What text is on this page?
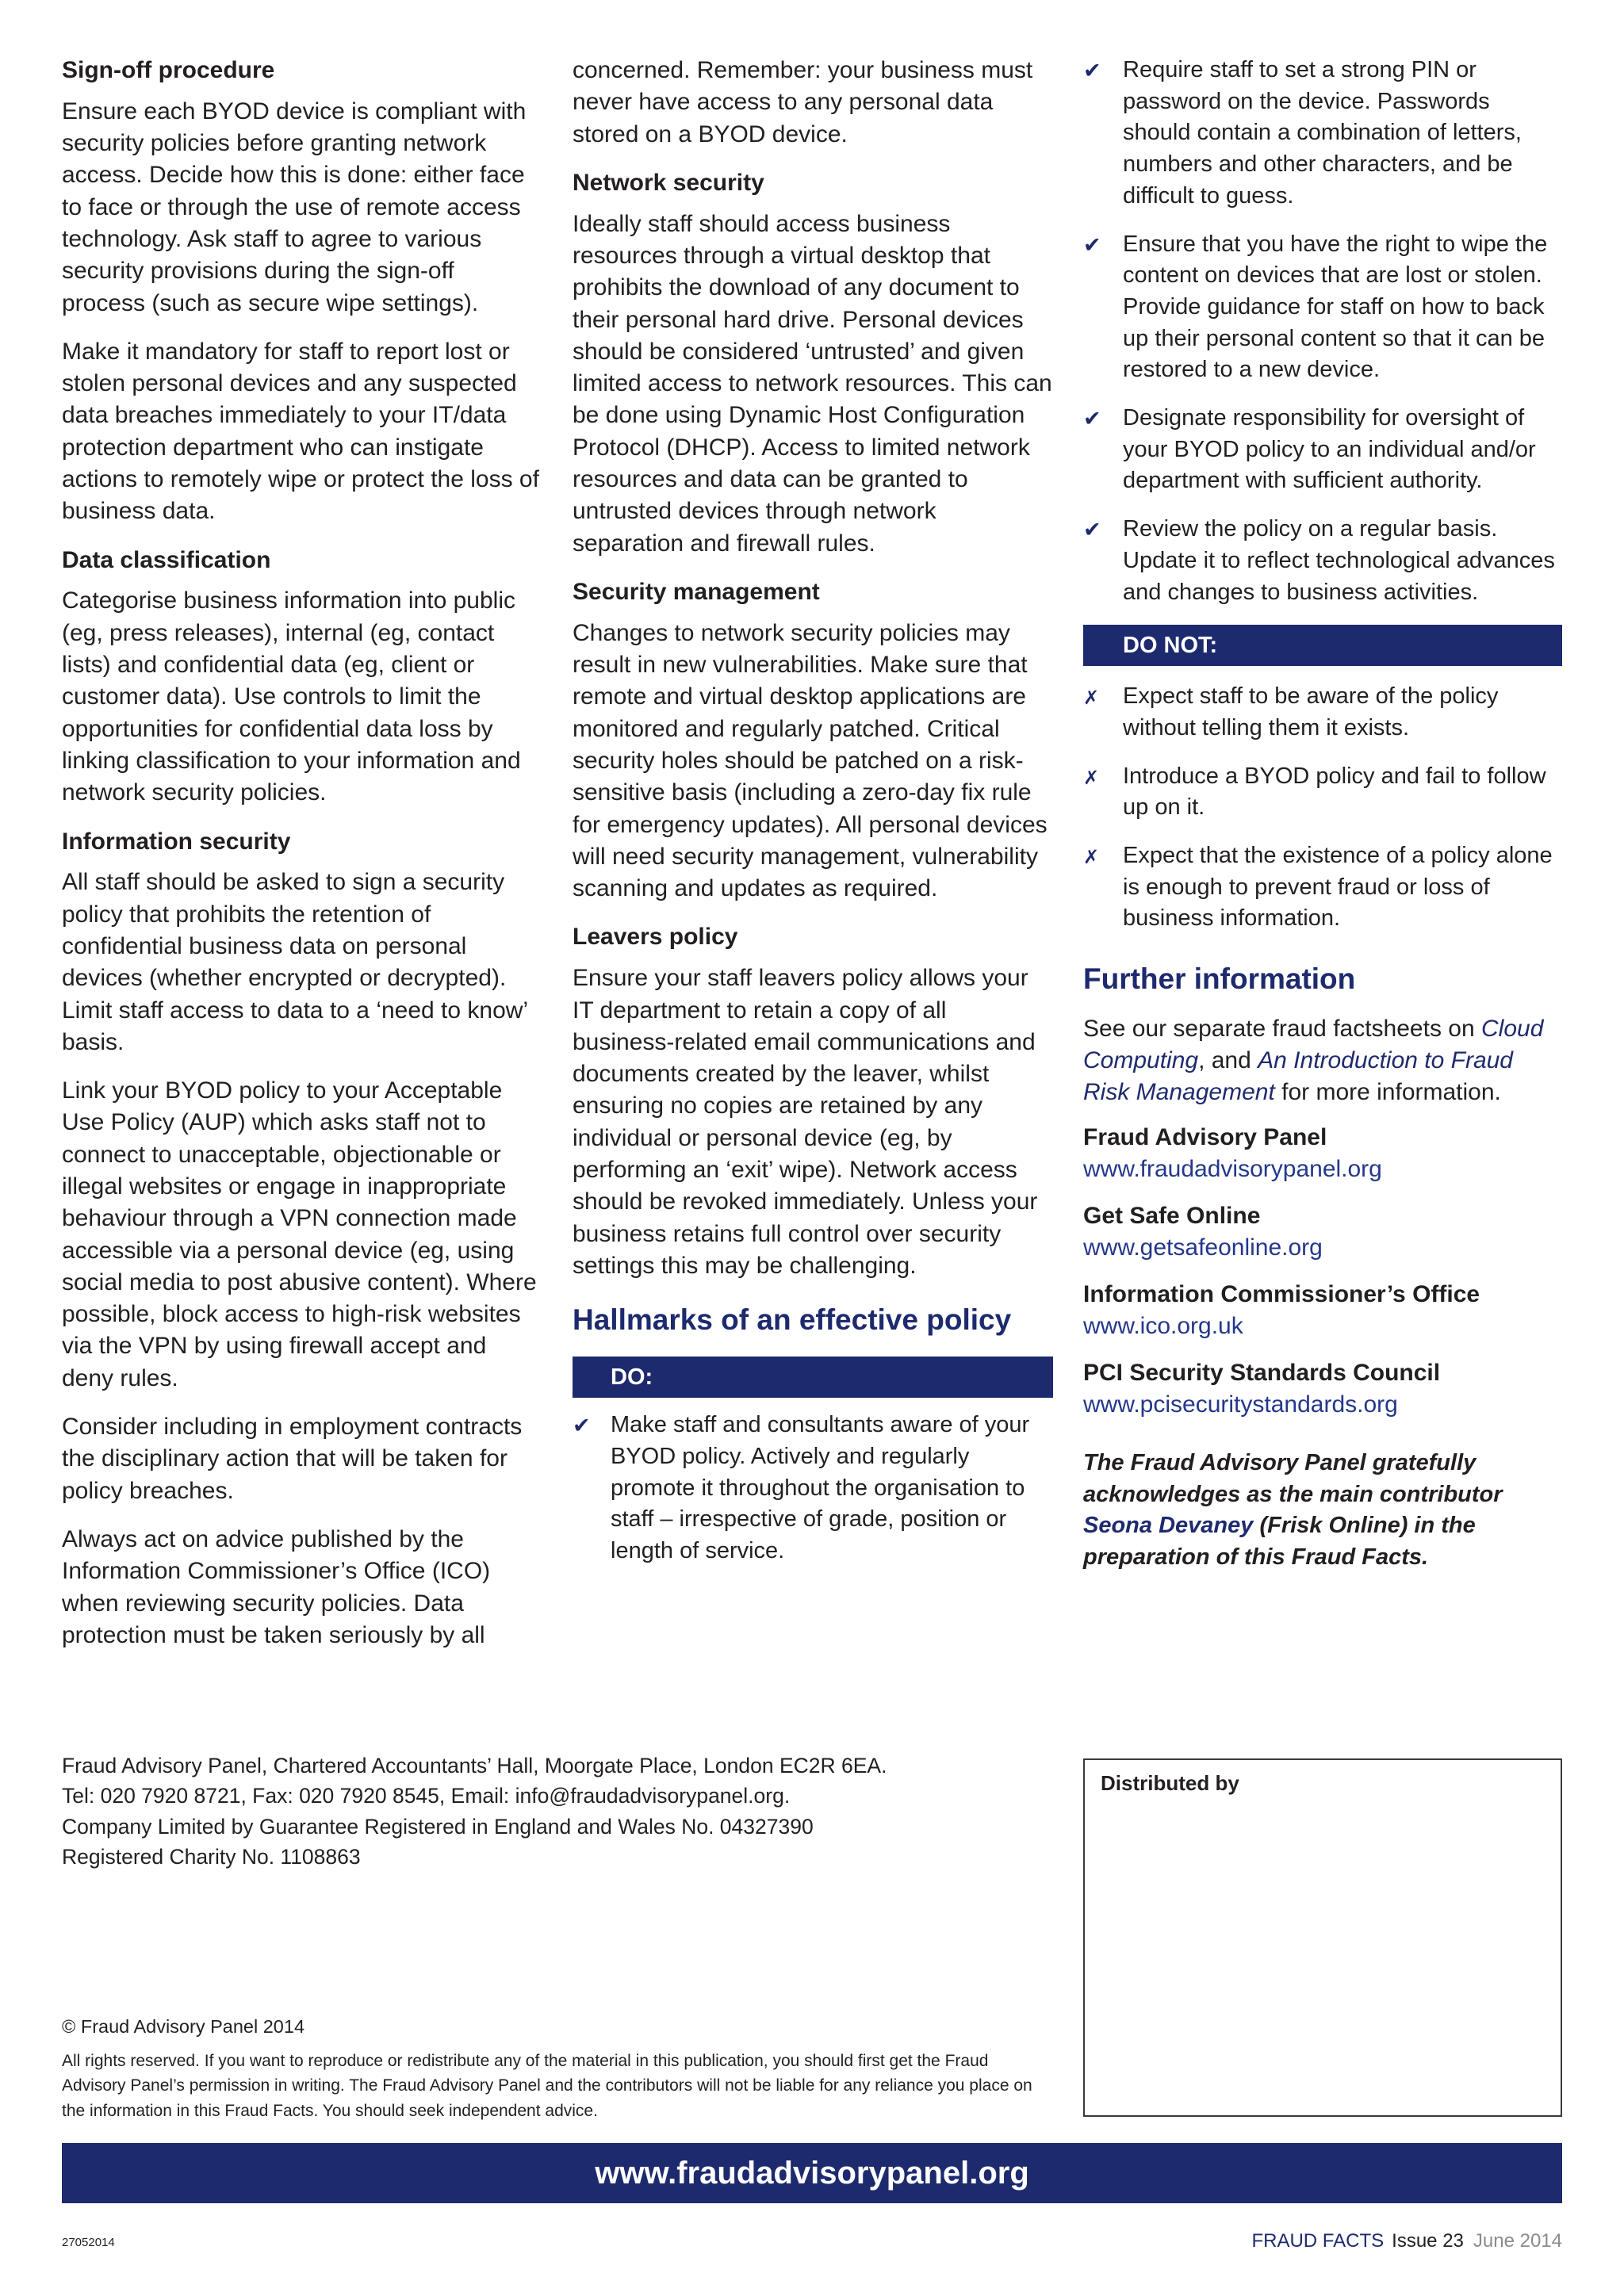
Sign-off procedure
Ensure each BYOD device is compliant with security policies before granting network access. Decide how this is done: either face to face or through the use of remote access technology. Ask staff to agree to various security provisions during the sign-off process (such as secure wipe settings).
Make it mandatory for staff to report lost or stolen personal devices and any suspected data breaches immediately to your IT/data protection department who can instigate actions to remotely wipe or protect the loss of business data.
Data classification
Categorise business information into public (eg, press releases), internal (eg, contact lists) and confidential data (eg, client or customer data). Use controls to limit the opportunities for confidential data loss by linking classification to your information and network security policies.
Information security
All staff should be asked to sign a security policy that prohibits the retention of confidential business data on personal devices (whether encrypted or decrypted). Limit staff access to data to a ‘need to know’ basis.
Link your BYOD policy to your Acceptable Use Policy (AUP) which asks staff not to connect to unacceptable, objectionable or illegal websites or engage in inappropriate behaviour through a VPN connection made accessible via a personal device (eg, using social media to post abusive content). Where possible, block access to high-risk websites via the VPN by using firewall accept and deny rules.
Consider including in employment contracts the disciplinary action that will be taken for policy breaches.
Always act on advice published by the Information Commissioner’s Office (ICO) when reviewing security policies. Data protection must be taken seriously by all
concerned. Remember: your business must never have access to any personal data stored on a BYOD device.
Network security
Ideally staff should access business resources through a virtual desktop that prohibits the download of any document to their personal hard drive. Personal devices should be considered ‘untrusted’ and given limited access to network resources. This can be done using Dynamic Host Configuration Protocol (DHCP). Access to limited network resources and data can be granted to untrusted devices through network separation and firewall rules.
Security management
Changes to network security policies may result in new vulnerabilities. Make sure that remote and virtual desktop applications are monitored and regularly patched. Critical security holes should be patched on a risk-sensitive basis (including a zero-day fix rule for emergency updates). All personal devices will need security management, vulnerability scanning and updates as required.
Leavers policy
Ensure your staff leavers policy allows your IT department to retain a copy of all business-related email communications and documents created by the leaver, whilst ensuring no copies are retained by any individual or personal device (eg, by performing an ‘exit’ wipe). Network access should be revoked immediately. Unless your business retains full control over security settings this may be challenging.
Hallmarks of an effective policy
DO:
✔
Make staff and consultants aware of your BYOD policy. Actively and regularly promote it throughout the organisation to staff – irrespective of grade, position or length of service.
✔
Require staff to set a strong PIN or password on the device. Passwords should contain a combination of letters, numbers and other characters, and be difficult to guess.
✔
Ensure that you have the right to wipe the content on devices that are lost or stolen. Provide guidance for staff on how to back up their personal content so that it can be restored to a new device.
✔
Designate responsibility for oversight of your BYOD policy to an individual and/or department with sufficient authority.
✔
Review the policy on a regular basis. Update it to reflect technological advances and changes to business activities.
DO NOT:
✗
Expect staff to be aware of the policy without telling them it exists.
✗
Introduce a BYOD policy and fail to follow up on it.
✗
Expect that the existence of a policy alone is enough to prevent fraud or loss of business information.
Further information
See our separate fraud factsheets on Cloud Computing, and An Introduction to Fraud Risk Management for more information.
Fraud Advisory Panel
www.fraudadvisorypanel.org
Get Safe Online
www.getsafeonline.org
Information Commissioner’s Office
www.ico.org.uk
PCI Security Standards Council
www.pcisecuritystandards.org
The Fraud Advisory Panel gratefully acknowledges as the main contributor Seona Devaney (Frisk Online) in the preparation of this Fraud Facts.
Fraud Advisory Panel, Chartered Accountants’ Hall, Moorgate Place, London EC2R 6EA.
Tel: 020 7920 8721, Fax: 020 7920 8545, Email: info@fraudadvisorypanel.org.
Company Limited by Guarantee Registered in England and Wales No. 04327390
Registered Charity No. 1108863
Distributed by
© Fraud Advisory Panel 2014
All rights reserved. If you want to reproduce or redistribute any of the material in this publication, you should first get the Fraud Advisory Panel’s permission in writing. The Fraud Advisory Panel and the contributors will not be liable for any reliance you place on the information in this Fraud Facts. You should seek independent advice.
www.fraudadvisorypanel.org
27052014	FRAUD FACTS Issue 23 June 2014
